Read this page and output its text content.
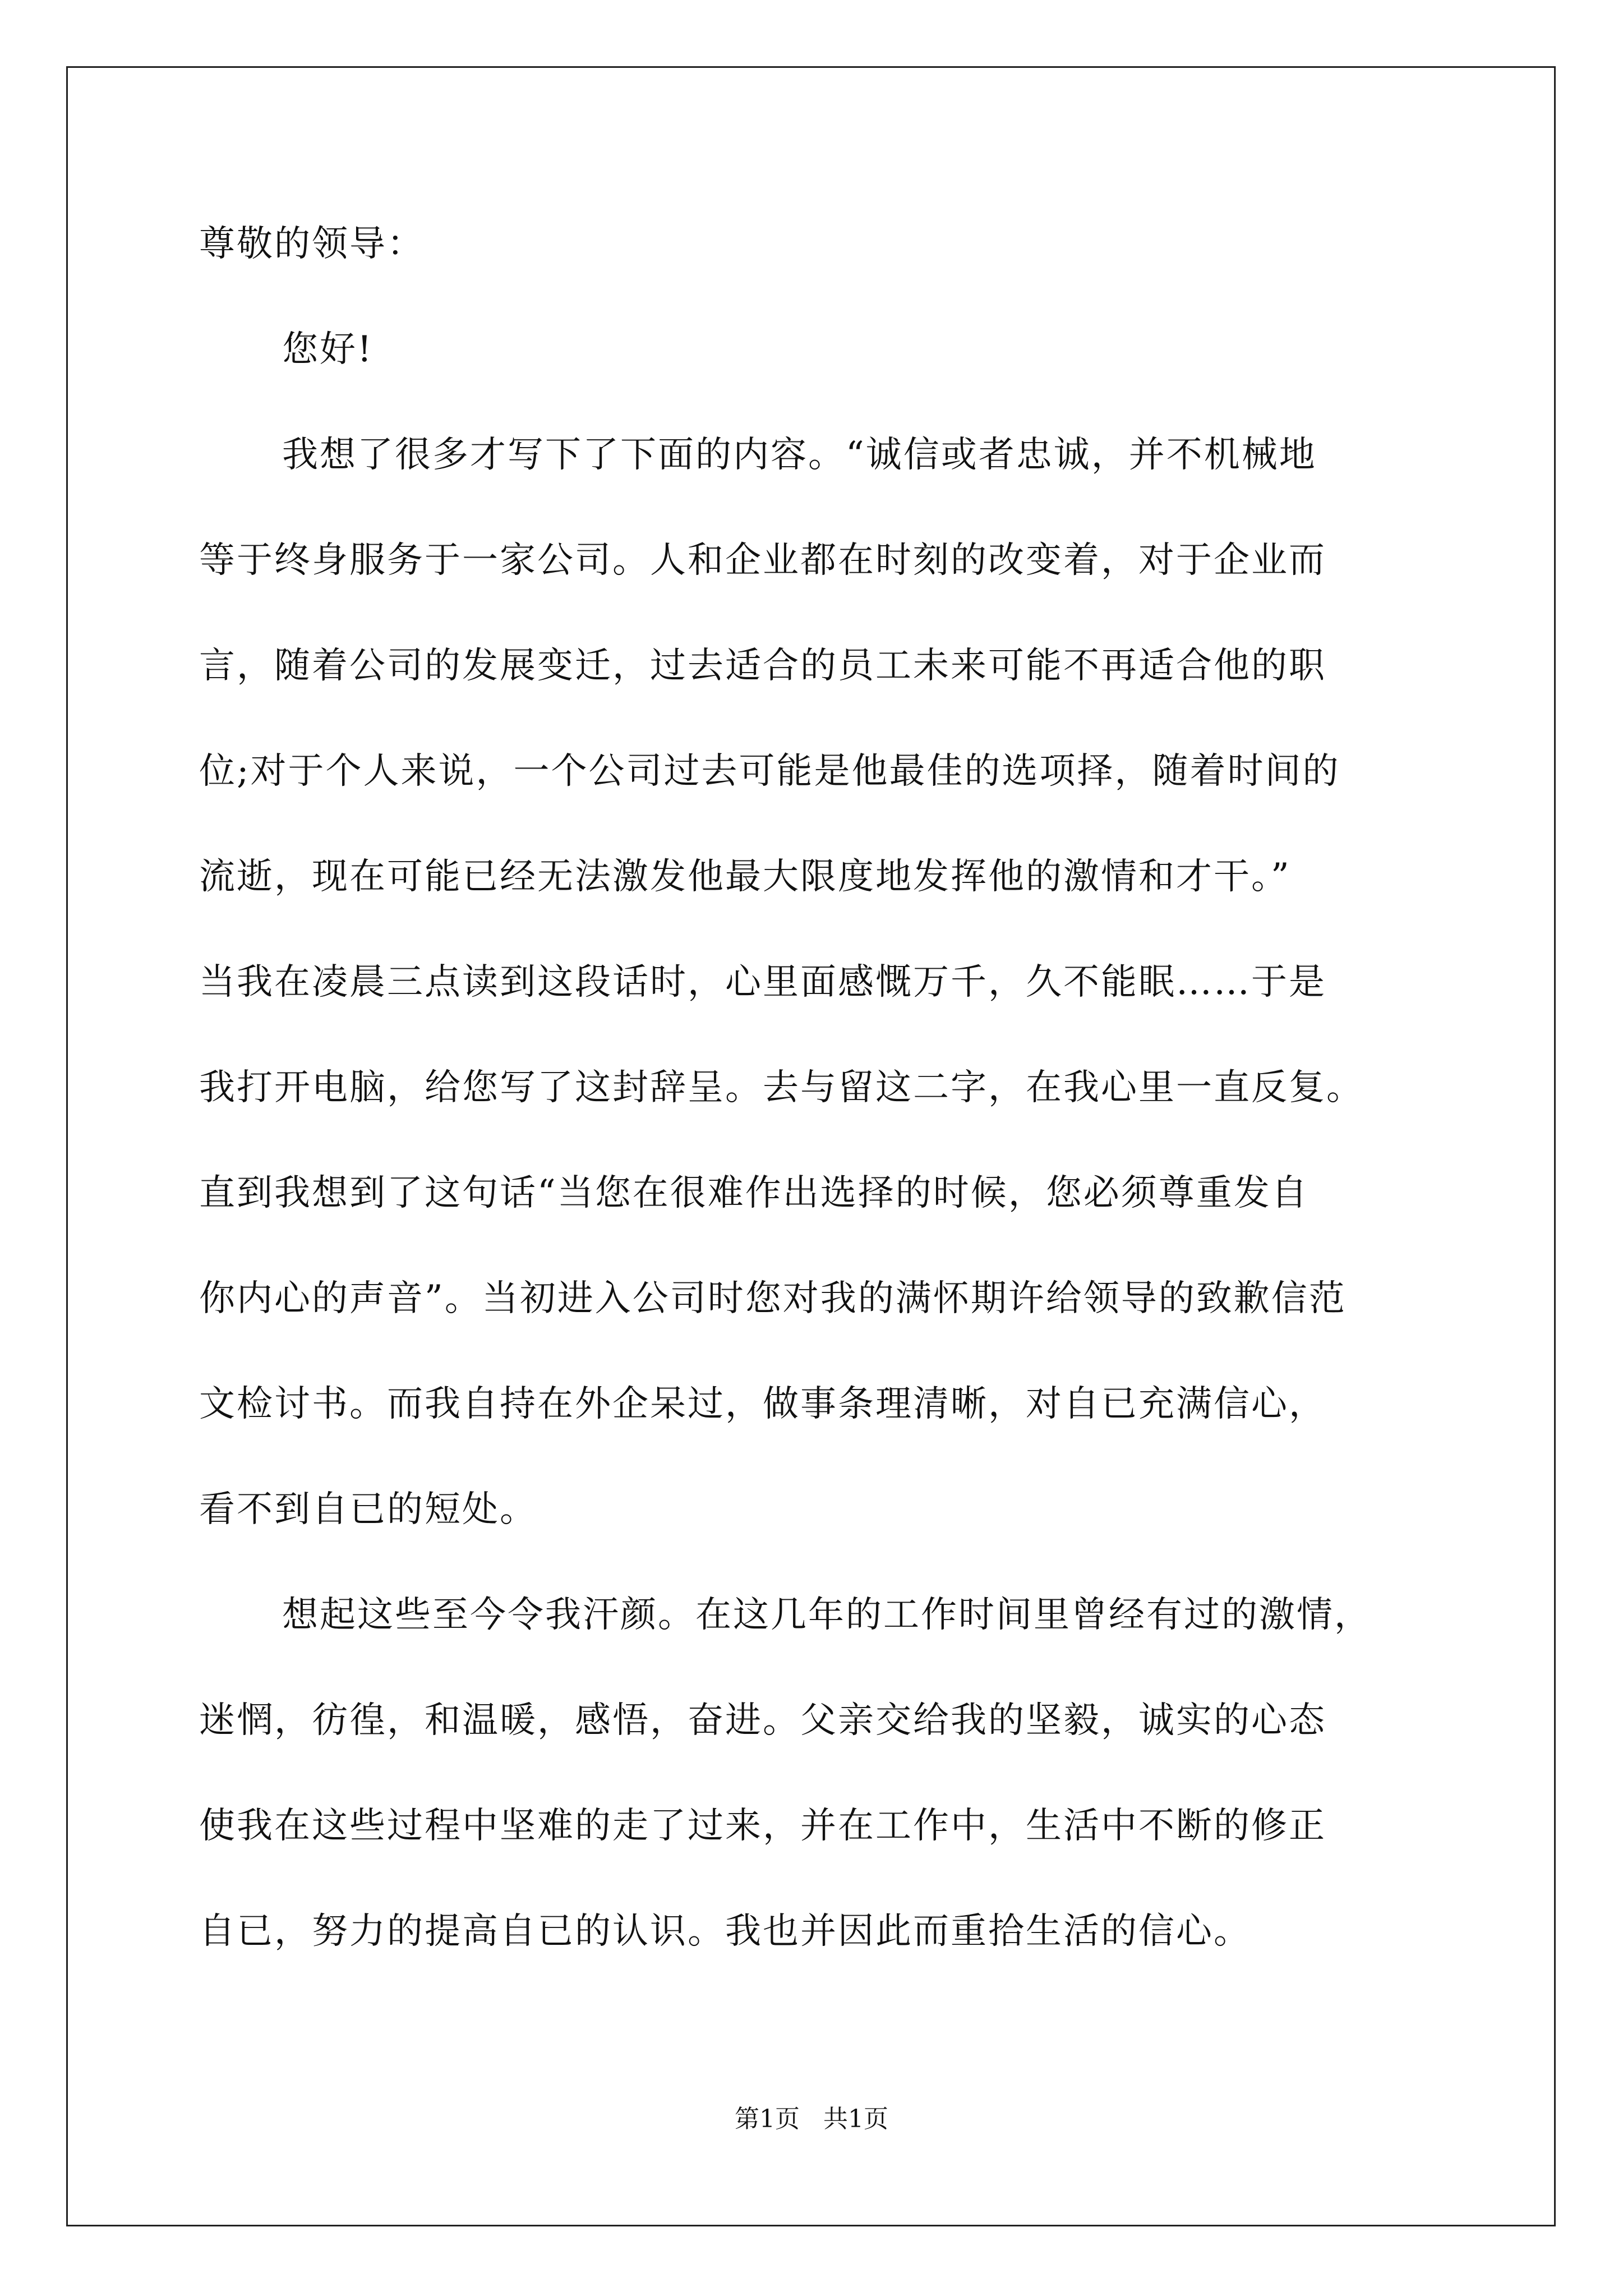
尊敬的领导：
您好!
我想了很多才写下了下面的内容。“诚信或者忠诚，并不机械地
等于终身服务于一家公司。人和企业都在时刻的改变着，对于企业而
言，随着公司的发展变迁，过去适合的员工未来可能不再适合他的职
位;对于个人来说，一个公司过去可能是他最佳的选项择，随着时间的
流逝，现在可能已经无法激发他最大限度地发挥他的激情和才干。”
当我在凌晨三点读到这段话时，心里面感慨万千，久不能眠……于是
我打开电脑，给您写了这封辞呈。去与留这二字，在我心里一直反复。
直到我想到了这句话“当您在很难作出选择的时候，您必须尊重发自
你内心的声音”。当初进入公司时您对我的满怀期许给领导的致歉信范
文检讨书。而我自持在外企呆过，做事条理清晰，对自已充满信心，
看不到自已的短处。
想起这些至今令我汗颜。在这几年的工作时间里曾经有过的激情，
迷惘，彷徨，和温暖，感悟，奋进。父亲交给我的坚毅，诚实的心态
使我在这些过程中坚难的走了过来，并在工作中，生活中不断的修正
自已，努力的提高自已的认识。我也并因此而重拾生活的信心。
第1页   共1页
